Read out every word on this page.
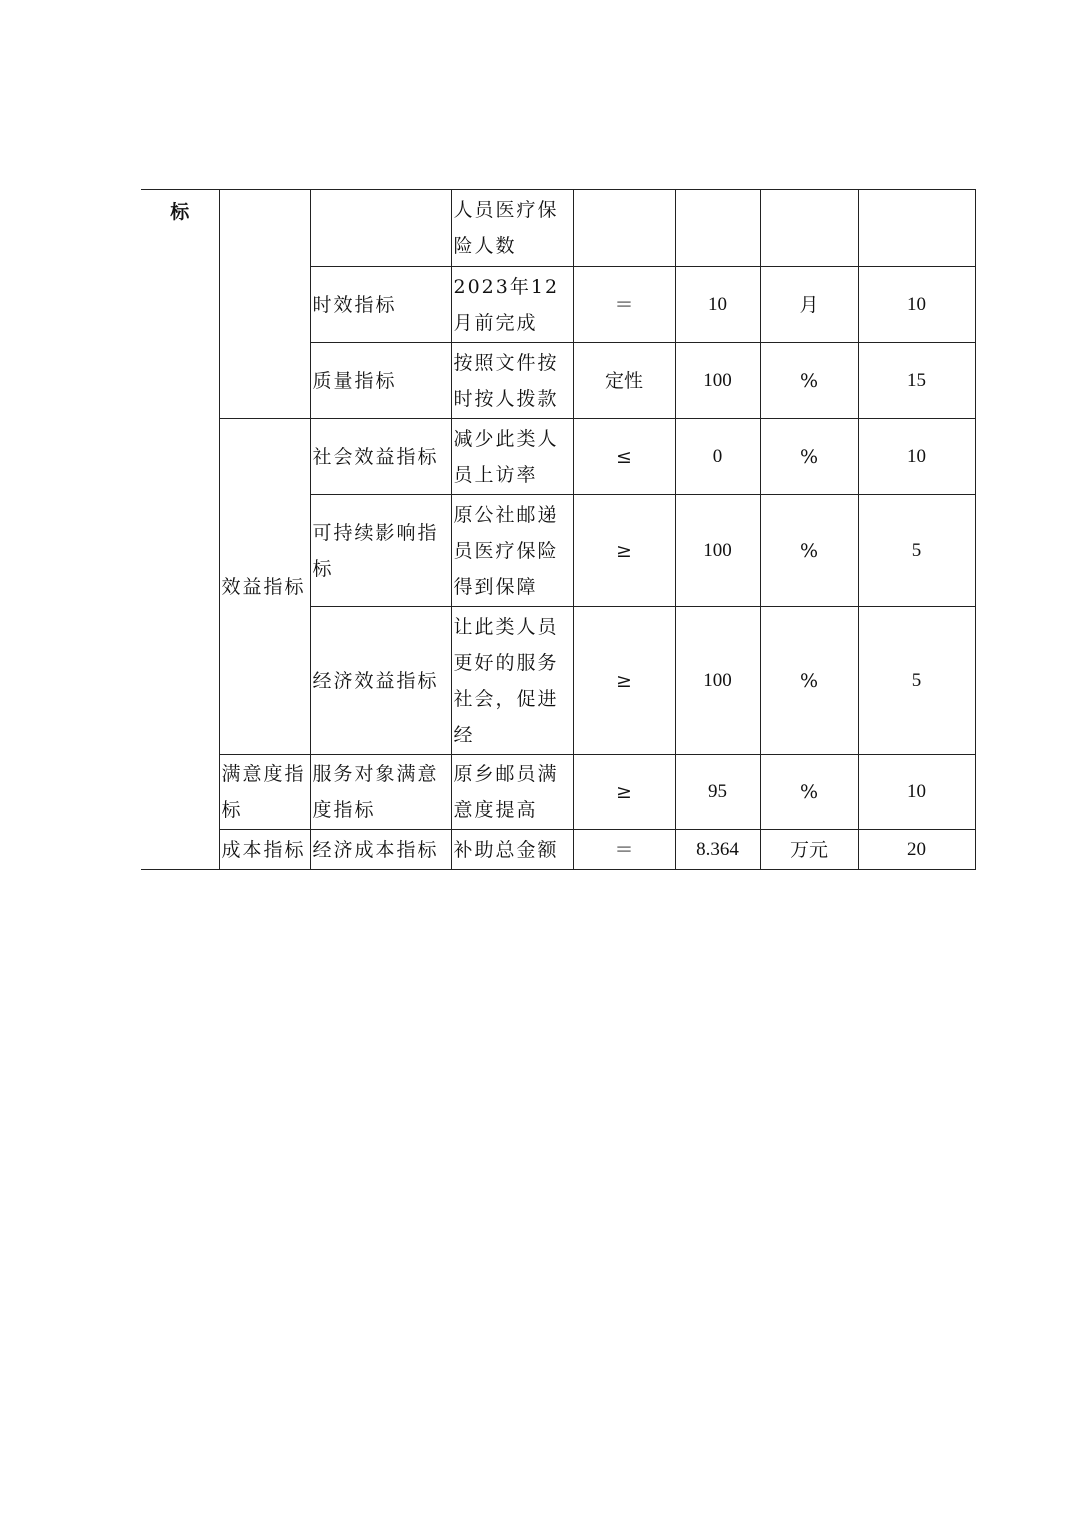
标			人员医疗保险人数				
		时效指标	2023年12月前完成	＝	10	月	10
		质量指标	按照文件按时按人拨款	定性	100	%	15
	效益指标	社会效益指标	减少此类人员上访率	≤	0	%	10
		可持续影响指标	原公社邮递员医疗保险得到保障	≥	100	%	5
		经济效益指标	让此类人员更好的服务社会，促进经	≥	100	%	5
	满意度指标	服务对象满意度指标	原乡邮员满意度提高	≥	95	%	10
	成本指标	经济成本指标	补助总金额	＝	8.364	万元	20
